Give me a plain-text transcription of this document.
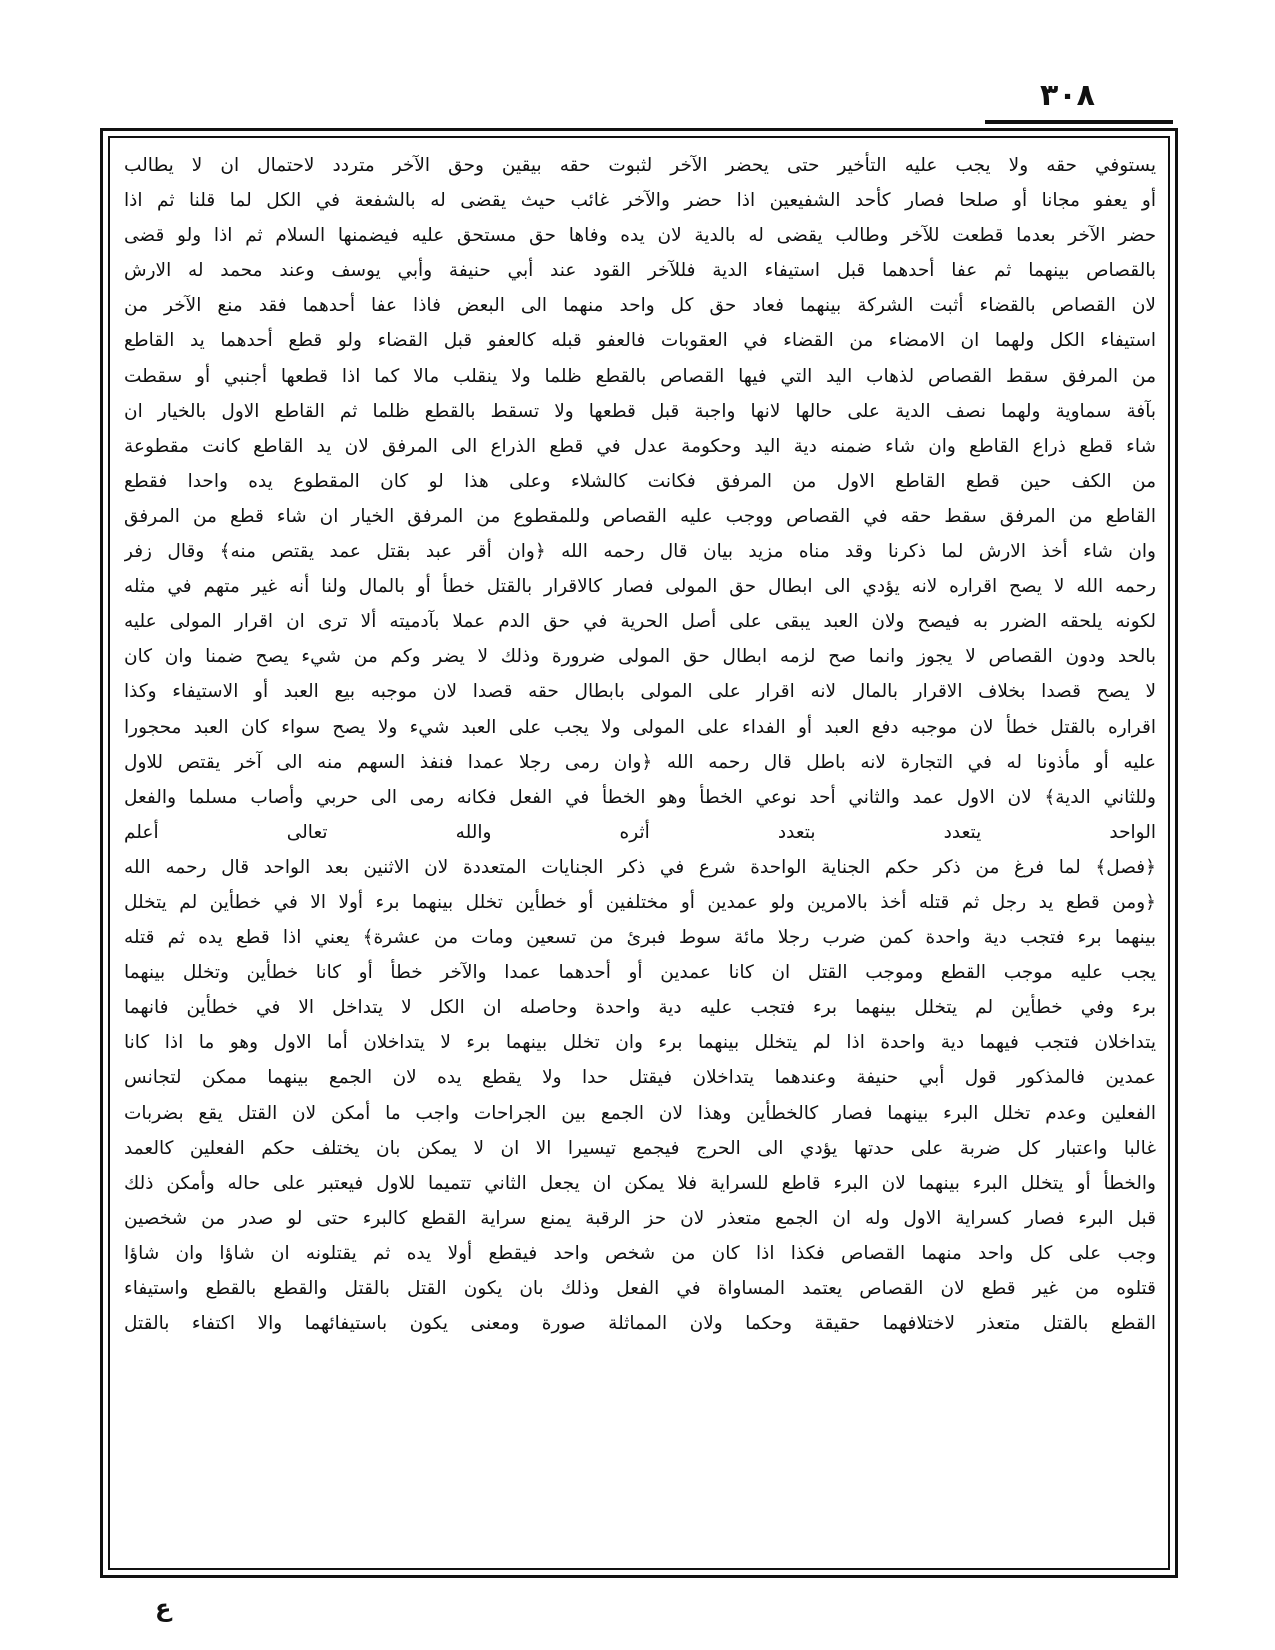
٣٠٨
يستوفي حقه ولا يجب عليه التأخير حتى يحضر الآخر لثبوت حقه بيقين وحق الآخر متردد لاحتمال ان لا يطالب
أو يعفو مجانا أو صلحا فصار كأحد الشفيعين اذا حضر والآخر غائب حيث يقضى له بالشفعة في الكل لما قلنا ثم اذا
حضر الآخر بعدما قطعت للآخر وطالب يقضى له بالدية لان يده وفاها حق مستحق عليه فيضمنها السلام ثم اذا ولو قضى
بالقصاص بينهما ثم عفا أحدهما قبل استيفاء الدية فللآخر القود عند أبي حنيفة وأبي يوسف وعند محمد له الارش
لان القصاص بالقضاء أثبت الشركة بينهما فعاد حق كل واحد منهما الى البعض فاذا عفا أحدهما فقد منع الآخر من
استيفاء الكل ولهما ان الامضاء من القضاء في العقوبات فالعفو قبله كالعفو قبل القضاء ولو قطع أحدهما يد القاطع
من المرفق سقط القصاص لذهاب اليد التي فيها القصاص بالقطع ظلما ولا ينقلب مالا كما اذا قطعها أجنبي أو سقطت
بآفة سماوية ولهما نصف الدية على حالها لانها واجبة قبل قطعها ولا تسقط بالقطع ظلما ثم القاطع الاول بالخيار ان
شاء قطع ذراع القاطع وان شاء ضمنه دية اليد وحكومة عدل في قطع الذراع الى المرفق لان يد القاطع كانت مقطوعة
من الكف حين قطع القاطع الاول من المرفق فكانت كالشلاء وعلى هذا لو كان المقطوع يده واحدا فقطع
القاطع من المرفق سقط حقه في القصاص ووجب عليه القصاص وللمقطوع من المرفق الخيار ان شاء قطع من المرفق
وان شاء أخذ الارش لما ذكرنا وقد مناه مزيد بيان قال رحمه الله ﴿وان أقر عبد بقتل عمد يقتص منه﴾ وقال زفر
رحمه الله لا يصح اقراره لانه يؤدي الى ابطال حق المولى فصار كالاقرار بالقتل خطأ أو بالمال ولنا أنه غير متهم في مثله
لكونه يلحقه الضرر به فيصح ولان العبد يبقى على أصل الحرية في حق الدم عملا بآدميته ألا ترى ان اقرار المولى عليه
بالحد ودون القصاص لا يجوز وانما صح لزمه ابطال حق المولى ضرورة وذلك لا يضر وكم من شيء يصح ضمنا وان كان
لا يصح قصدا بخلاف الاقرار بالمال لانه اقرار على المولى بابطال حقه قصدا لان موجبه بيع العبد أو الاستيفاء وكذا
اقراره بالقتل خطأ لان موجبه دفع العبد أو الفداء على المولى ولا يجب على العبد شيء ولا يصح سواء كان العبد محجورا
عليه أو مأذونا له في التجارة لانه باطل قال رحمه الله ﴿وان رمى رجلا عمدا فنفذ السهم منه الى آخر يقتص للاول
وللثاني الدية﴾ لان الاول عمد والثاني أحد نوعي الخطأ وهو الخطأ في الفعل فكانه رمى الى حربي وأصاب مسلما والفعل
الواحد يتعدد بتعدد أثره والله تعالى أعلم
﴿فصل﴾ لما فرغ من ذكر حكم الجناية الواحدة شرع في ذكر الجنايات المتعددة لان الاثنين بعد الواحد قال رحمه الله
﴿ومن قطع يد رجل ثم قتله أخذ بالامرين ولو عمدين أو مختلفين أو خطأين تخلل بينهما برء أولا الا في خطأين لم يتخلل
بينهما برء فتجب دية واحدة كمن ضرب رجلا مائة سوط فبرئ من تسعين ومات من عشرة﴾ يعني اذا قطع يده ثم قتله
يجب عليه موجب القطع وموجب القتل ان كانا عمدين أو أحدهما عمدا والآخر خطأ أو كانا خطأين وتخلل بينهما
برء وفي خطأين لم يتخلل بينهما برء فتجب عليه دية واحدة وحاصله ان الكل لا يتداخل الا في خطأين فانهما
يتداخلان فتجب فيهما دية واحدة اذا لم يتخلل بينهما برء وان تخلل بينهما برء لا يتداخلان أما الاول وهو ما اذا كانا
عمدين فالمذكور قول أبي حنيفة وعندهما يتداخلان فيقتل حدا ولا يقطع يده لان الجمع بينهما ممكن لتجانس
الفعلين وعدم تخلل البرء بينهما فصار كالخطأين وهذا لان الجمع بين الجراحات واجب ما أمكن لان القتل يقع بضربات
غالبا واعتبار كل ضربة على حدتها يؤدي الى الحرج فيجمع تيسيرا الا ان لا يمكن بان يختلف حكم الفعلين كالعمد
والخطأ أو يتخلل البرء بينهما لان البرء قاطع للسراية فلا يمكن ان يجعل الثاني تتميما للاول فيعتبر على حاله وأمكن ذلك
قبل البرء فصار كسراية الاول وله ان الجمع متعذر لان حز الرقبة يمنع سراية القطع كالبرء حتى لو صدر من شخصين
وجب على كل واحد منهما القصاص فكذا اذا كان من شخص واحد فيقطع أولا يده ثم يقتلونه ان شاؤا وان شاؤا
قتلوه من غير قطع لان القصاص يعتمد المساواة في الفعل وذلك بان يكون القتل بالقتل والقطع بالقطع واستيفاء
القطع بالقتل متعذر لاختلافهما حقيقة وحكما ولان المماثلة صورة ومعنى يكون باستيفائهما والا اكتفاء بالقتل
ع
